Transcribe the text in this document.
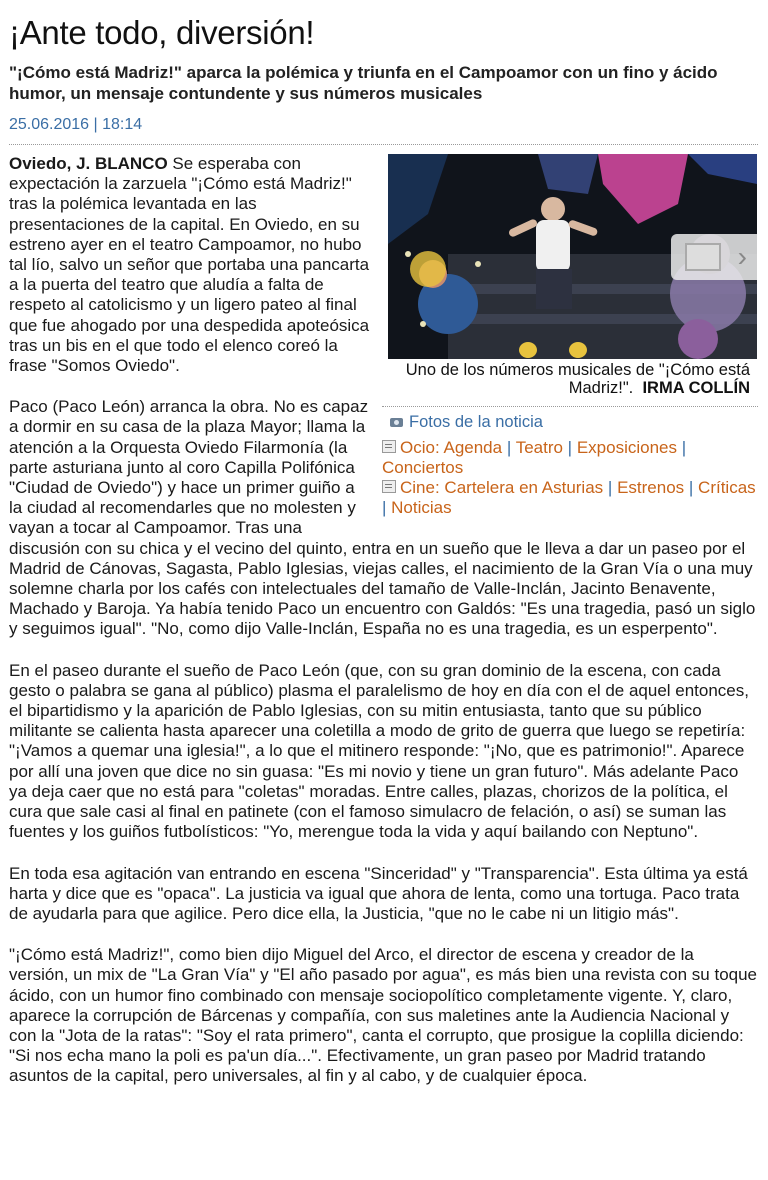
¡Ante todo, diversión!
"¡Cómo está Madriz!" aparca la polémica y triunfa en el Campoamor con un fino y ácido humor, un mensaje contundente y sus números musicales
25.06.2016 | 18:14
›
Uno de los números musicales de "¡Cómo está Madriz!". IRMA COLLÍN
Fotos de la noticia
Ocio: Agenda | Teatro | Exposiciones | Conciertos
Cine: Cartelera en Asturias | Estrenos | Críticas | Noticias

Oviedo, J. BLANCO Se esperaba con expectación la zarzuela "¡Cómo está Madriz!" tras la polémica levantada en las presentaciones de la capital. En Oviedo, en su estreno ayer en el teatro Campoamor, no hubo tal lío, salvo un señor que portaba una pancarta a la puerta del teatro que aludía a falta de respeto al catolicismo y un ligero pateo al final que fue ahogado por una despedida apoteósica tras un bis en el que todo el elenco coreó la frase "Somos Oviedo".

Paco (Paco León) arranca la obra. No es capaz a dormir en su casa de la plaza Mayor; llama la atención a la Orquesta Oviedo Filarmonía (la parte asturiana junto al coro Capilla Polifónica "Ciudad de Oviedo") y hace un primer guiño a la ciudad al recomendarles que no molesten y vayan a tocar al Campoamor. Tras una discusión con su chica y el vecino del quinto, entra en un sueño que le lleva a dar un paseo por el Madrid de Cánovas, Sagasta, Pablo Iglesias, viejas calles, el nacimiento de la Gran Vía o una muy solemne charla por los cafés con intelectuales del tamaño de Valle-Inclán, Jacinto Benavente, Machado y Baroja. Ya había tenido Paco un encuentro con Galdós: "Es una tragedia, pasó un siglo y seguimos igual". "No, como dijo Valle-Inclán, España no es una tragedia, es un esperpento".

En el paseo durante el sueño de Paco León (que, con su gran dominio de la escena, con cada gesto o palabra se gana al público) plasma el paralelismo de hoy en día con el de aquel entonces, el bipartidismo y la aparición de Pablo Iglesias, con su mitin entusiasta, tanto que su público militante se calienta hasta aparecer una coletilla a modo de grito de guerra que luego se repetiría: "¡Vamos a quemar una iglesia!", a lo que el mitinero responde: "¡No, que es patrimonio!". Aparece por allí una joven que dice no sin guasa: "Es mi novio y tiene un gran futuro". Más adelante Paco ya deja caer que no está para "coletas" moradas. Entre calles, plazas, chorizos de la política, el cura que sale casi al final en patinete (con el famoso simulacro de felación, o así) se suman las fuentes y los guiños futbolísticos: "Yo, merengue toda la vida y aquí bailando con Neptuno".

En toda esa agitación van entrando en escena "Sinceridad" y "Transparencia". Esta última ya está harta y dice que es "opaca". La justicia va igual que ahora de lenta, como una tortuga. Paco trata de ayudarla para que agilice. Pero dice ella, la Justicia, "que no le cabe ni un litigio más".

"¡Cómo está Madriz!", como bien dijo Miguel del Arco, el director de escena y creador de la versión, un mix de "La Gran Vía" y "El año pasado por agua", es más bien una revista con su toque ácido, con un humor fino combinado con mensaje sociopolítico completamente vigente. Y, claro, aparece la corrupción de Bárcenas y compañía, con sus maletines ante la Audiencia Nacional y con la "Jota de la ratas": "Soy el rata primero", canta el corrupto, que prosigue la coplilla diciendo: "Si nos echa mano la poli es pa'un día...". Efectivamente, un gran paseo por Madrid tratando asuntos de la capital, pero universales, al fin y al cabo, y de cualquier época.
